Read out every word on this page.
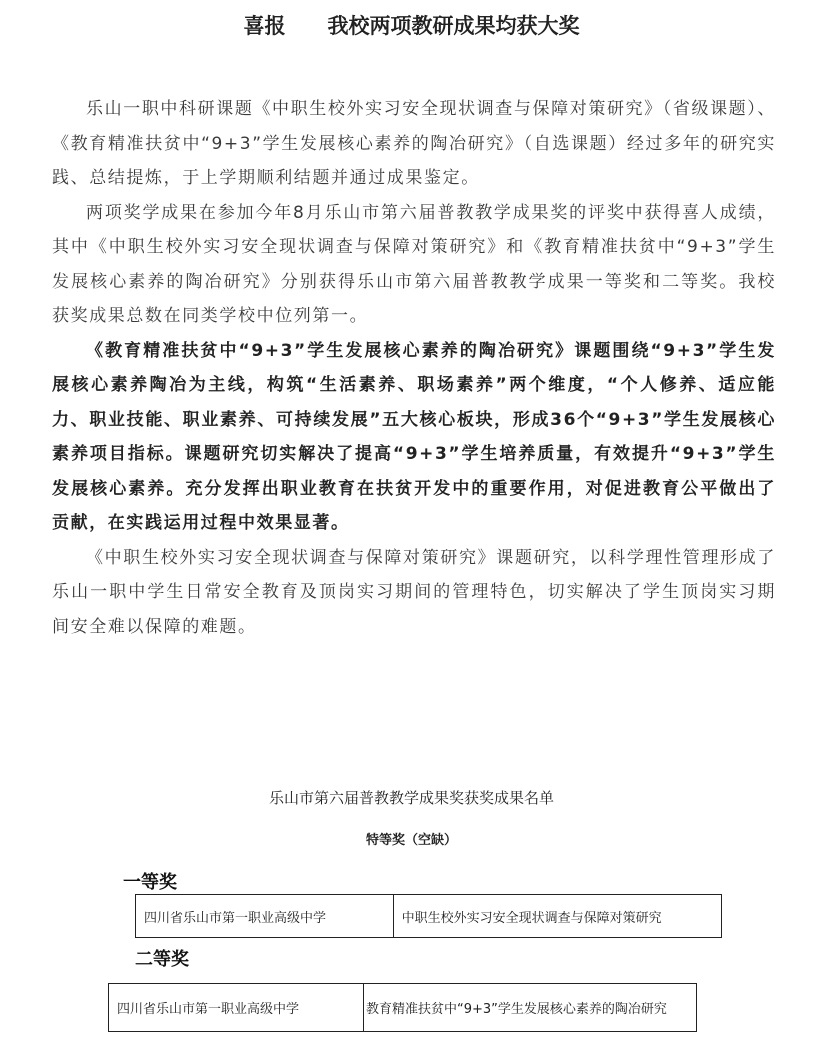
喜报　　我校两项教研成果均获大奖

乐山一职中科研课题《中职生校外实习安全现状调查与保障对策研究》（省级课题）、《教育精准扶贫中“9+3”学生发展核心素养的陶冶研究》（自选课题）经过多年的研究实践、总结提炼，于上学期顺利结题并通过成果鉴定。

两项奖学成果在参加今年8月乐山市第六届普教教学成果奖的评奖中获得喜人成绩，其中《中职生校外实习安全现状调查与保障对策研究》和《教育精准扶贫中“9+3”学生发展核心素养的陶冶研究》分别获得乐山市第六届普教教学成果一等奖和二等奖。我校获奖成果总数在同类学校中位列第一。

《教育精准扶贫中“9+3”学生发展核心素养的陶冶研究》课题围绕“9+3”学生发展核心素养陶冶为主线，构筑“生活素养、职场素养”两个维度，“个人修养、适应能力、职业技能、职业素养、可持续发展”五大核心板块，形成36个“9+3”学生发展核心素养项目指标。课题研究切实解决了提高“9+3”学生培养质量，有效提升“9+3”学生发展核心素养。充分发挥出职业教育在扶贫开发中的重要作用，对促进教育公平做出了贡献，在实践运用过程中效果显著。

《中职生校外实习安全现状调查与保障对策研究》课题研究，以科学理性管理形成了乐山一职中学生日常安全教育及顶岗实习期间的管理特色，切实解决了学生顶岗实习期间安全难以保障的难题。

乐山市第六届普教教学成果奖获奖成果名单
特等奖（空缺）
一等奖
四川省乐山市第一职业高级中学	中职生校外实习安全现状调查与保障对策研究
二等奖
四川省乐山市第一职业高级中学	教育精准扶贫中“9+3”学生发展核心素养的陶冶研究
